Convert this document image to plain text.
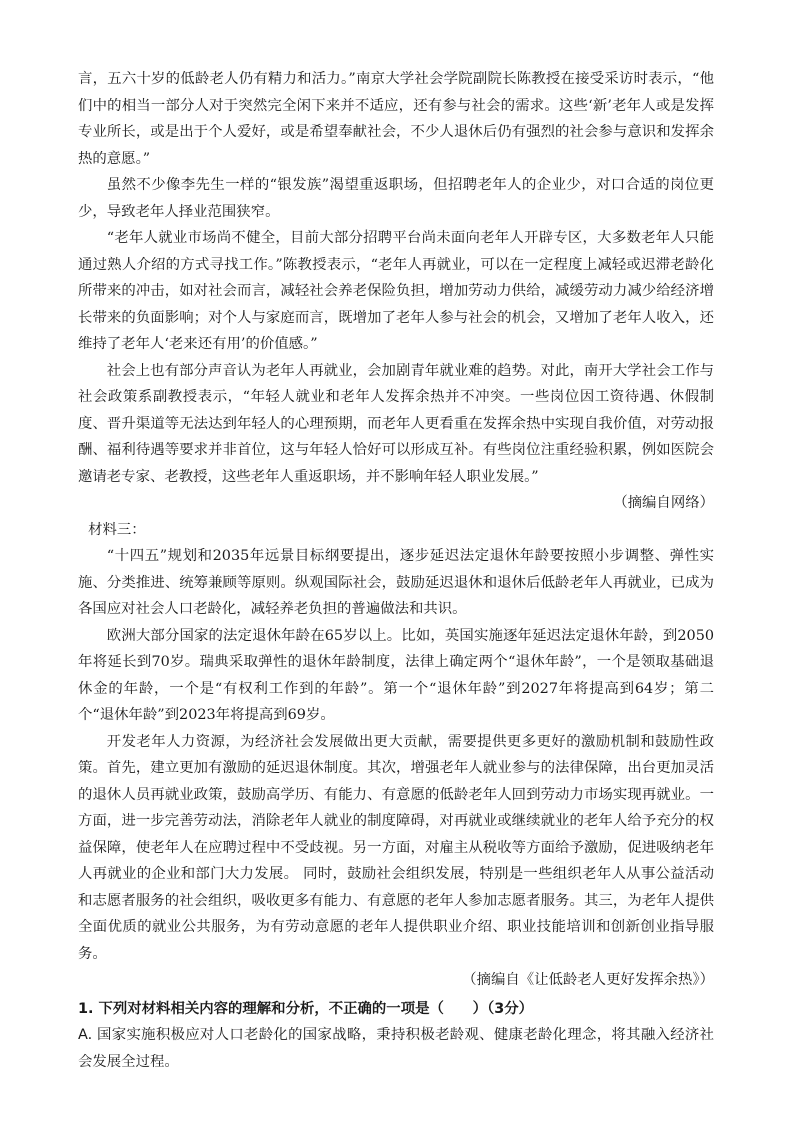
言，五六十岁的低龄老人仍有精力和活力。”南京大学社会学院副院长陈教授在接受采访时表示，“他们中的相当一部分人对于突然完全闲下来并不适应，还有参与社会的需求。这些‘新’老年人或是发挥专业所长，或是出于个人爱好，或是希望奉献社会，不少人退休后仍有强烈的社会参与意识和发挥余热的意愿。”

虽然不少像李先生一样的“银发族”渴望重返职场，但招聘老年人的企业少，对口合适的岗位更少，导致老年人择业范围狭窄。

“老年人就业市场尚不健全，目前大部分招聘平台尚未面向老年人开辟专区，大多数老年人只能通过熟人介绍的方式寻找工作。”陈教授表示，“老年人再就业，可以在一定程度上减轻或迟滞老龄化所带来的冲击，如对社会而言，减轻社会养老保险负担，增加劳动力供给，减缓劳动力减少给经济增长带来的负面影响；对个人与家庭而言，既增加了老年人参与社会的机会，又增加了老年人收入，还维持了老年人‘老来还有用’的价值感。”

社会上也有部分声音认为老年人再就业，会加剧青年就业难的趋势。对此，南开大学社会工作与社会政策系副教授表示，“年轻人就业和老年人发挥余热并不冲突。一些岗位因工资待遇、休假制度、晋升渠道等无法达到年轻人的心理预期，而老年人更看重在发挥余热中实现自我价值，对劳动报酬、福利待遇等要求并非首位，这与年轻人恰好可以形成互补。有些岗位注重经验积累，例如医院会邀请老专家、老教授，这些老年人重返职场，并不影响年轻人职业发展。”

（摘编自网络）

材料三：

“十四五”规划和2035年远景目标纲要提出，逐步延迟法定退休年龄要按照小步调整、弹性实施、分类推进、统筹兼顾等原则。纵观国际社会，鼓励延迟退休和退休后低龄老年人再就业，已成为各国应对社会人口老龄化，减轻养老负担的普遍做法和共识。

欧洲大部分国家的法定退休年龄在65岁以上。比如，英国实施逐年延迟法定退休年龄，到2050年将延长到70岁。瑞典采取弹性的退休年龄制度，法律上确定两个“退休年龄”，一个是领取基础退休金的年龄，一个是“有权利工作到的年龄”。第一个“退休年龄”到2027年将提高到64岁；第二个“退休年龄”到2023年将提高到69岁。

开发老年人力资源，为经济社会发展做出更大贡献，需要提供更多更好的激励机制和鼓励性政策。首先，建立更加有激励的延迟退休制度。其次，增强老年人就业参与的法律保障，出台更加灵活的退休人员再就业政策，鼓励高学历、有能力、有意愿的低龄老年人回到劳动力市场实现再就业。一方面，进一步完善劳动法，消除老年人就业的制度障碍，对再就业或继续就业的老年人给予充分的权益保障，使老年人在应聘过程中不受歧视。另一方面，对雇主从税收等方面给予激励，促进吸纳老年人再就业的企业和部门大力发展。 同时，鼓励社会组织发展，特别是一些组织老年人从事公益活动和志愿者服务的社会组织，吸收更多有能力、有意愿的老年人参加志愿者服务。其三，为老年人提供全面优质的就业公共服务，为有劳动意愿的老年人提供职业介绍、职业技能培训和创新创业指导服务。

（摘编自《让低龄老人更好发挥余热》）

1. 下列对材料相关内容的理解和分析，不正确的一项是（　　）（3分）

A. 国家实施积极应对人口老龄化的国家战略，秉持积极老龄观、健康老龄化理念，将其融入经济社会发展全过程。
